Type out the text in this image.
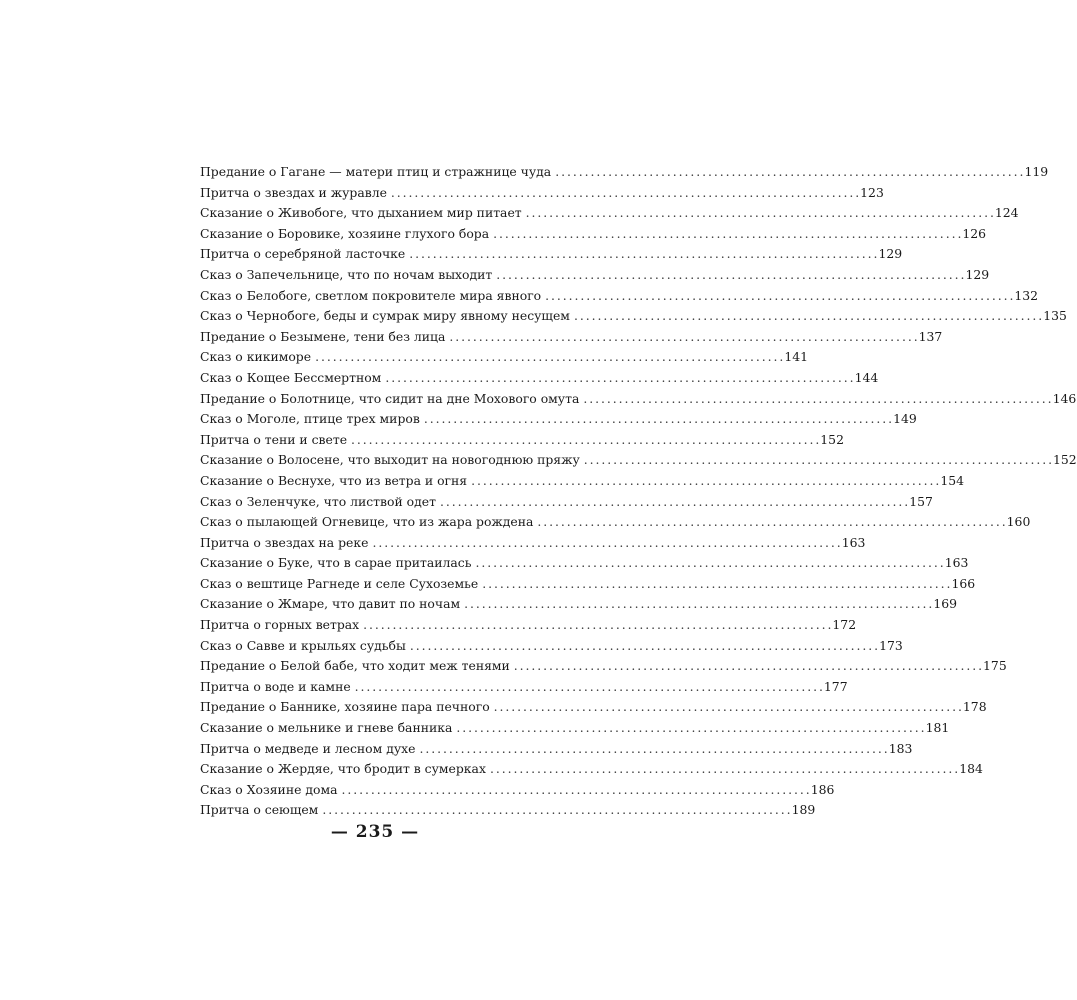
Предание о Гагане — матери птиц и стражнице чуда . . .	119
Притча о звездах и журавле . . .	123
Сказание о Живобоге, что дыханием мир питает . . .	124
Сказание о Боровике, хозяине глухого бора . . .	126
Притча о серебряной ласточке . . .	129
Сказ о Запечельнице, что по ночам выходит . . .	129
Сказ о Белобоге, светлом покровителе мира явного . . .	132
Сказ о Чернобоге, беды и сумрак миру явному несущем . . .	135
Предание о Безымене, тени без лица . . .	137
Сказ о кикиморе . . .	141
Сказ о Кощее Бессмертном . . .	144
Предание о Болотнице, что сидит на дне Мохового омута . . .	146
Сказ о Моголе, птице трех миров . . .	149
Притча о тени и свете . . .	152
Сказание о Волосене, что выходит на новогоднюю пряжу . . .	152
Сказание о Веснухе, что из ветра и огня . . .	154
Сказ о Зеленчуке, что листвой одет . . .	157
Сказ о пылающей Огневице, что из жара рождена . . .	160
Притча о звездах на реке . . .	163
Сказание о Буке, что в сарае притаилась . . .	163
Сказ о вештице Рагнеде и селе Сухоземье . . .	166
Сказание о Жмаре, что давит по ночам . . .	169
Притча о горных ветрах . . .	172
Сказ о Савве и крыльях судьбы . . .	173
Предание о Белой бабе, что ходит меж тенями . . .	175
Притча о воде и камне . . .	177
Предание о Баннике, хозяине пара печного . . .	178
Сказание о мельнике и гневе банника . . .	181
Притча о медведе и лесном духе . . .	183
Сказание о Жердяе, что бродит в сумерках . . .	184
Сказ о Хозяине дома . . .	186
Притча о сеющем . . .	189
— 235 —
